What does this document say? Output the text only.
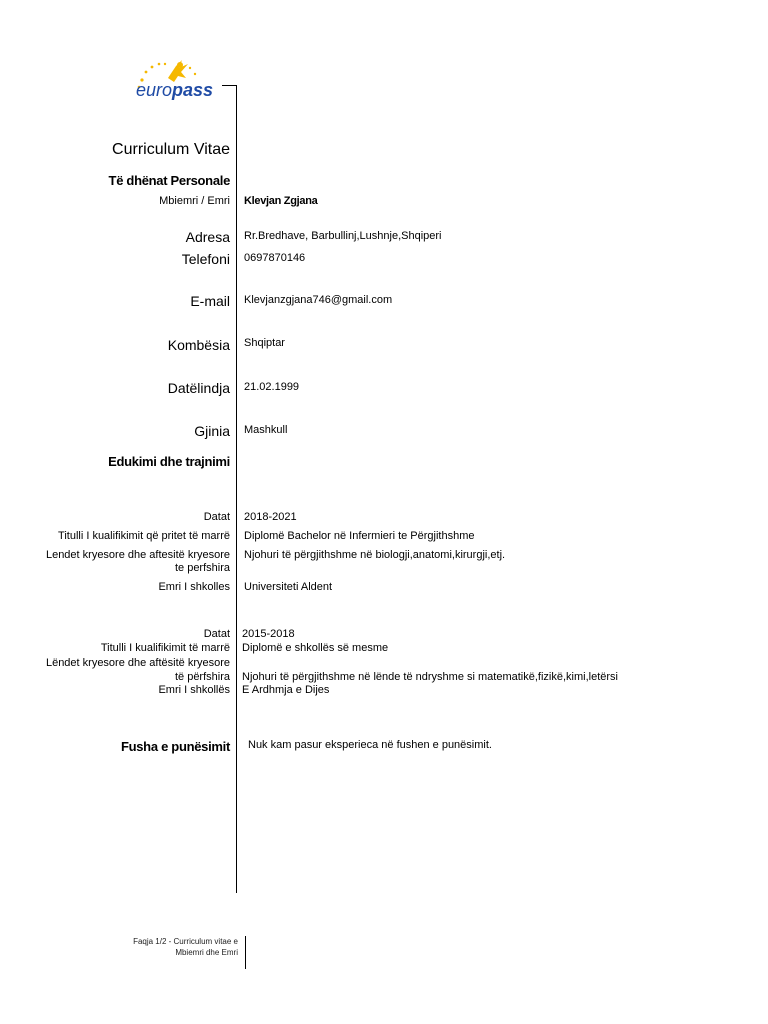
europass
Curriculum Vitae
Të dhënat Personale
Mbiemri / Emri Klevjan Zgjana
Adresa Rr.Bredhave, Barbullinj,Lushnje,Shqiperi
Telefoni 0697870146
E-mail Klevjanzgjana746@gmail.com
Kombësia Shqiptar
Datëlindja 21.02.1999
Gjinia Mashkull
Edukimi dhe trajnimi
Datat 2018-2021
Titulli I kualifikimit që pritet të marrë Diplomë Bachelor në Infermieri te Përgjithshme
Lendet kryesore dhe aftesitë kryesore
te perfshira
Njohuri të përgjithshme në biologji,anatomi,kirurgji,etj.
Emri I shkolles Universiteti Aldent
Datat 2015-2018
Titulli I kualifikimit të marrë Diplomë e shkollës së mesme
Lëndet kryesore dhe aftësitë kryesore
të përfshira Njohuri të përgjithshme në lënde të ndryshme si matematikë,fizikë,kimi,letërsi
Emri I shkollës E Ardhmja e Dijes
Fusha e punësimit Nuk kam pasur eksperieca në fushen e punësimit.
Faqja 1/2 - Curriculum vitae e
Mbiemri dhe Emri
